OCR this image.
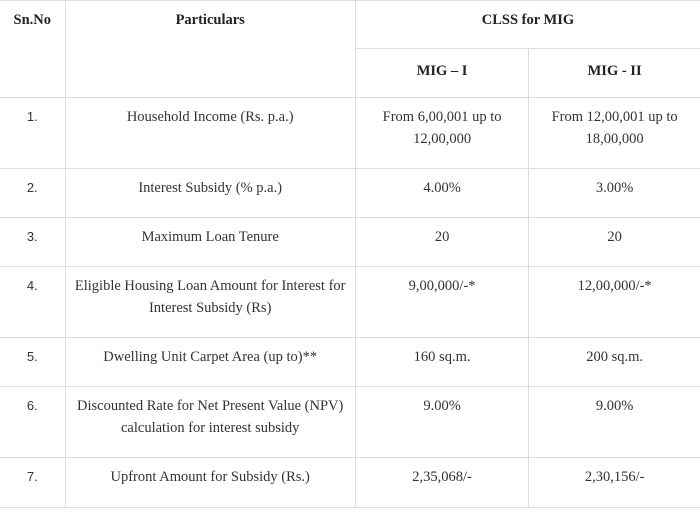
Sn.No	Particulars	CLSS for MIG	
		MIG – I	MIG - II
1.	Household Income (Rs. p.a.)	From 6,00,001 up to 12,00,000	From 12,00,001 up to 18,00,000
2.	Interest Subsidy (% p.a.)	4.00%	3.00%
3.	Maximum Loan Tenure	20	20
4.	Eligible Housing Loan Amount for Interest for Interest Subsidy (Rs)	9,00,000/-*	12,00,000/-*
5.	Dwelling Unit Carpet Area (up to)**	160 sq.m.	200 sq.m.
6.	Discounted Rate for Net Present Value (NPV) calculation for interest subsidy	9.00%	9.00%
7.	Upfront Amount for Subsidy (Rs.)	2,35,068/-	2,30,156/-
